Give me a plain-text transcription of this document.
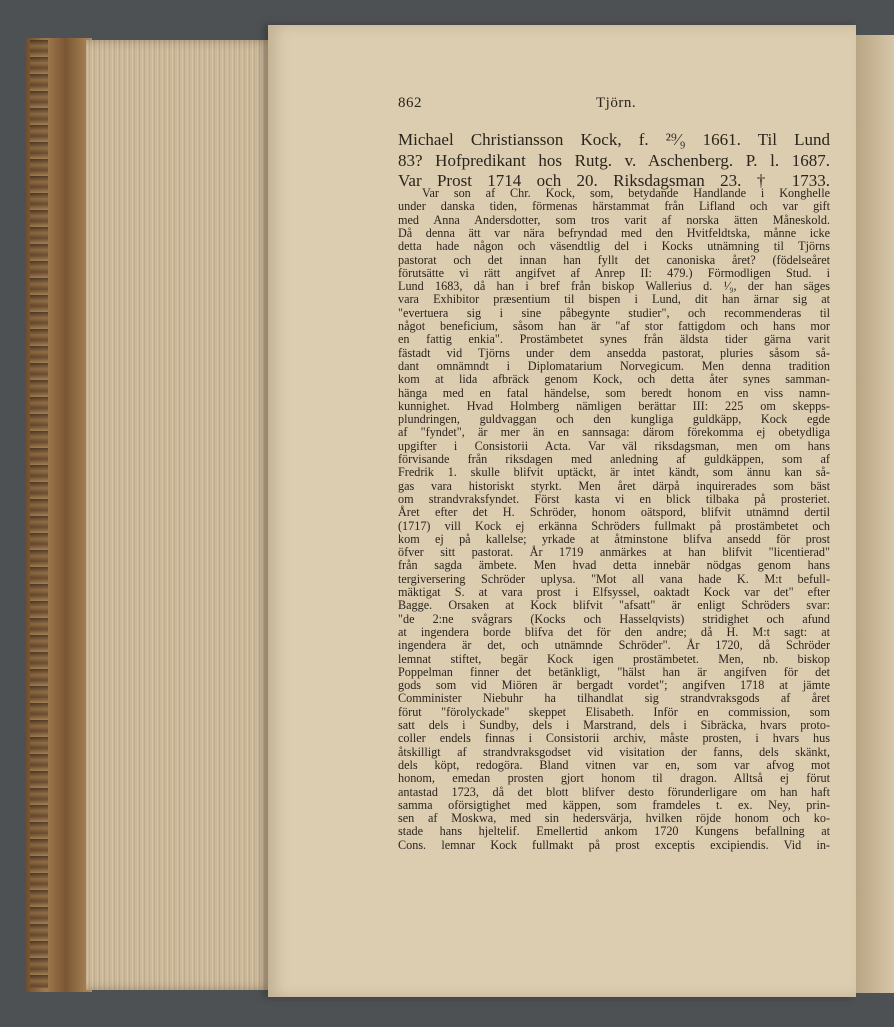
862	Tjörn.
Michael Christiansson Kock, f. ²⁹⁄₉ 1661. Til Lund
83? Hofpredikant hos Rutg. v. Aschenberg. P. l. 1687.
Var Prost 1714 och 20. Riksdagsman 23. † 1733.
Var son af Chr. Kock, som, betydande Handlande i Konghelle
under danska tiden, förmenas härstammat från Lifland och var gift
med Anna Andersdotter, som tros varit af norska ätten Måneskold.
Då denna ätt var nära befryndad med den Hvitfeldtska, månne icke
detta hade någon och väsendtlig del i Kocks utnämning til Tjörns
pastorat och det innan han fyllt det canoniska året? (födelseåret
förutsätte vi rätt angifvet af Anrep II: 479.) Förmodligen Stud. i
Lund 1683, då han i bref från biskop Wallerius d. ¹⁄₉, der han säges
vara Exhibitor præsentium til bispen i Lund, dit han ärnar sig at
"evertuera sig i sine påbegynte studier", och recommenderas til
något beneficium, såsom han är "af stor fattigdom och hans mor
en fattig enkia". Prostämbetet synes från äldsta tider gärna varit
fästadt vid Tjörns under dem ansedda pastorat, pluries såsom så-
dant omnämndt i Diplomatarium Norvegicum. Men denna tradition
kom at lida afbräck genom Kock, och detta åter synes samman-
hänga med en fatal händelse, som beredt honom en viss namn-
kunnighet. Hvad Holmberg nämligen berättar III: 225 om skepps-
plundringen, guldvaggan och den kungliga guldkäpp, Kock egde
af "fyndet", är mer än en sannsaga: därom förekomma ej obetydliga
upgifter i Consistorii Acta. Var väl riksdagsman, men om hans
förvisande från riksdagen med anledning af guldkäppen, som af
Fredrik 1. skulle blifvit uptäckt, är intet kändt, som ännu kan så-
gas vara historiskt styrkt. Men året därpå inquirerades som bäst
om strandvraksfyndet. Först kasta vi en blick tilbaka på prosteriet.
Året efter det H. Schröder, honom oätspord, blifvit utnämnd dertil
(1717) vill Kock ej erkänna Schröders fullmakt på prostämbetet och
kom ej på kallelse; yrkade at åtminstone blifva ansedd för prost
öfver sitt pastorat. År 1719 anmärkes at han blifvit "licentierad"
från sagda ämbete. Men hvad detta innebär nödgas genom hans
tergiversering Schröder uplysa. "Mot all vana hade K. M:t befull-
mäktigat S. at vara prost i Elfsyssel, oaktadt Kock var det" efter
Bagge. Orsaken at Kock blifvit "afsatt" är enligt Schröders svar:
"de 2:ne svågrars (Kocks och Hasselqvists) stridighet och afund
at ingendera borde blifva det för den andre; då H. M:t sagt: at
ingendera är det, och utnämnde Schröder". År 1720, då Schröder
lemnat stiftet, begär Kock igen prostämbetet. Men, nb. biskop
Poppelman finner det betänkligt, "hälst han är angifven för det
gods som vid Miören är bergadt vordet"; angifven 1718 at jämte
Comminister Niebuhr ha tilhandlat sig strandvraksgods af året
förut "förolyckade" skeppet Elisabeth. Inför en commission, som
satt dels i Sundby, dels i Marstrand, dels i Sibräcka, hvars proto-
coller endels finnas i Consistorii archiv, måste prosten, i hvars hus
åtskilligt af strandvraksgodset vid visitation der fanns, dels skänkt,
dels köpt, redogöra. Bland vitnen var en, som var afvog mot
honom, emedan prosten gjort honom til dragon. Alltså ej förut
antastad 1723, då det blott blifver desto förunderligare om han haft
samma oförsigtighet med käppen, som framdeles t. ex. Ney, prin-
sen af Moskwa, med sin hedersvärja, hvilken röjde honom och ko-
stade hans hjeltelif. Emellertid ankom 1720 Kungens befallning at
Cons. lemnar Kock fullmakt på prost exceptis excipiendis. Vid in-
